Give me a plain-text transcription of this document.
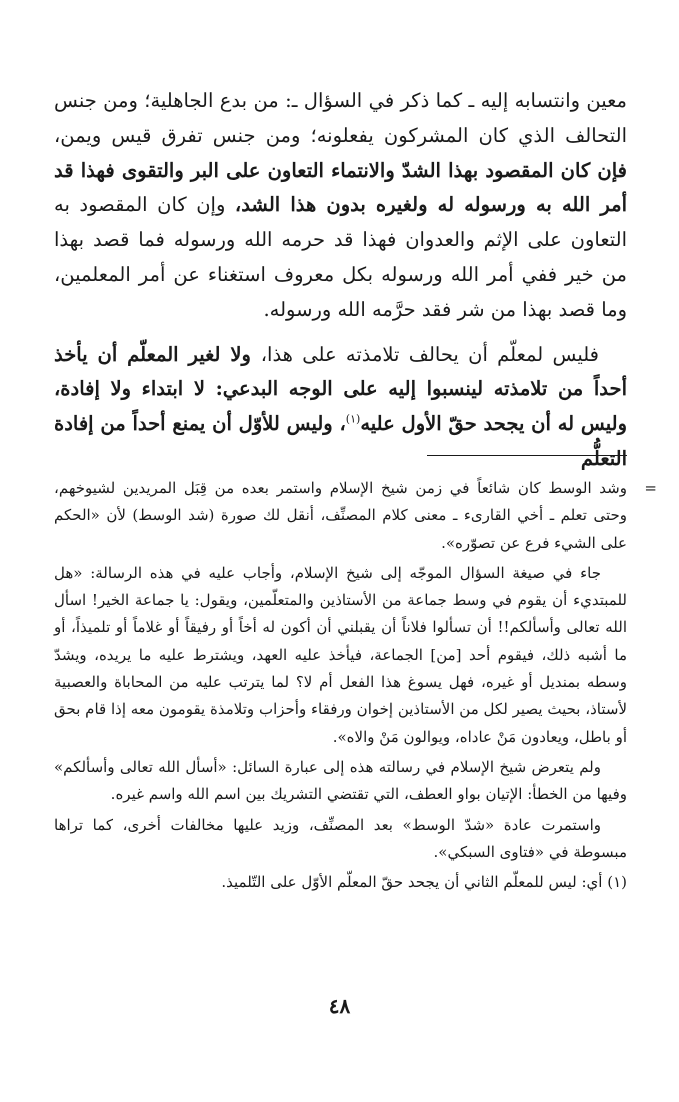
معين وانتسابه إليه ـ كما ذكر في السؤال ـ: من بدع الجاهلية؛ ومن جنس التحالف الذي كان المشركون يفعلونه؛ ومن جنس تفرق قيس ويمن، فإن كان المقصود بهذا الشدّ والانتماء التعاون على البر والتقوى فهذا قد أمر الله به ورسوله له ولغيره بدون هذا الشد، وإن كان المقصود به التعاون على الإثم والعدوان فهذا قد حرمه الله ورسوله فما قصد بهذا من خير ففي أمر الله ورسوله بكل معروف استغناء عن أمر المعلمين، وما قصد بهذا من شر فقد حرَّمه الله ورسوله.

فليس لمعلّم أن يحالف تلامذته على هذا، ولا لغير المعلّم أن يأخذ أحداً من تلامذته لينسبوا إليه على الوجه البدعي: لا ابتداء ولا إفادة، وليس له أن يجحد حقّ الأول عليه$^{(١)}$، وليس للأوّل أن يمنع أحداً من إفادة التعلُّم

=
وشد الوسط كان شائعاً في زمن شيخ الإسلام واستمر بعده من قِبَل المريدين لشيوخهم، وحتى تعلم ـ أخي القارىء ـ معنى كلام المصنِّف، أنقل لك صورة (شد الوسط) لأن «الحكم على الشيء فرع عن تصوّره».

جاء في صيغة السؤال الموجّه إلى شيخ الإسلام، وأجاب عليه في هذه الرسالة: «هل للمبتديء أن يقوم في وسط جماعة من الأستاذين والمتعلّمين، ويقول: يا جماعة الخير! اسأل الله تعالى وأسألكم!! أن تسألوا فلاناً أن يقبلني أن أكون له أخاً أو رفيقاً أو غلاماً أو تلميذاً، أو ما أشبه ذلك، فيقوم أحد [من] الجماعة، فيأخذ عليه العهد، ويشترط عليه ما يريده، ويشدّ وسطه بمنديل أو غيره، فهل يسوغ هذا الفعل أم لا؟ لما يترتب عليه من المحاباة والعصبية لأستاذ، بحيث يصير لكل من الأستاذين إخوان ورفقاء وأحزاب وتلامذة يقومون معه إذا قام بحق أو باطل، ويعادون مَنْ عاداه، ويوالون مَنْ والاه».

ولم يتعرض شيخ الإسلام في رسالته هذه إلى عبارة السائل: «أسأل الله تعالى وأسألكم» وفيها من الخطأ: الإتيان بواو العطف، التي تقتضي التشريك بين اسم الله واسم غيره.

واستمرت عادة «شدّ الوسط» بعد المصنِّف، وزيد عليها مخالفات أخرى، كما تراها مبسوطة في «فتاوى السبكي».

(١) أي: ليس للمعلّم الثاني أن يجحد حقّ المعلّم الأوّل على التّلميذ.

٤٨
